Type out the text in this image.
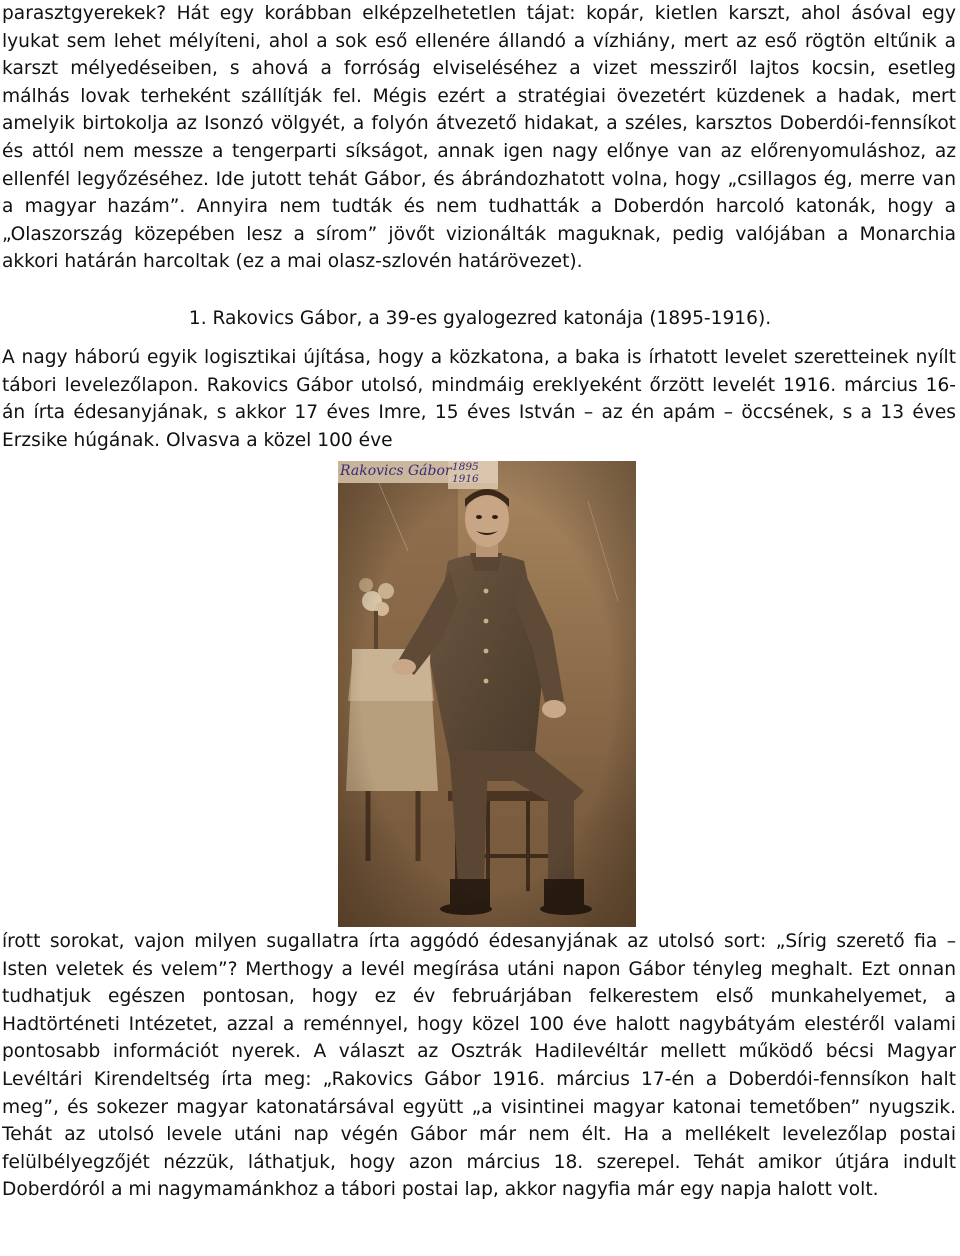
parasztgyerekek? Hát egy korábban elképzelhetetlen tájat: kopár, kietlen karszt, ahol ásóval egy lyukat sem lehet mélyíteni, ahol a sok eső ellenére állandó a vízhiány, mert az eső rögtön eltűnik a karszt mélyedéseiben, s ahová a forróság elviseléséhez a vizet messziről lajtos kocsin, esetleg málhás lovak terheként szállítják fel. Mégis ezért a stratégiai övezetért küzdenek a hadak, mert amelyik birtokolja az Isonzó völgyét, a folyón átvezető hidakat, a széles, karsztos Doberdói-fennsíkot és attól nem messze a tengerparti síkságot, annak igen nagy előnye van az előrenyomuláshoz, az ellenfél legyőzéséhez. Ide jutott tehát Gábor, és ábrándozhatott volna, hogy „csillagos ég, merre van a magyar hazám”. Annyira nem tudták és nem tudhatták a Doberdón harcoló katonák, hogy a „Olaszország közepében lesz a sírom” jövőt vizionálták maguknak, pedig valójában a Monarchia akkori határán harcoltak (ez a mai olasz-szlovén határövezet).

1. Rakovics Gábor, a 39-es gyalogezred katonája (1895-1916).

A nagy háború egyik logisztikai újítása, hogy a közkatona, a baka is írhatott levelet szeretteinek nyílt tábori levelezőlapon. Rakovics Gábor utolsó, mindmáig ereklyeként őrzött levelét 1916. március 16-án írta édesanyjának, s akkor 17 éves Imre, 15 éves István – az én apám – öccsének, s a 13 éves Erzsike húgának. Olvasva a közel 100 éve

Rakovics Gábor 1895
1916

írott sorokat, vajon milyen sugallatra írta aggódó édesanyjának az utolsó sort: „Sírig szerető fia – Isten veletek és velem”? Merthogy a levél megírása utáni napon Gábor tényleg meghalt. Ezt onnan tudhatjuk egészen pontosan, hogy ez év februárjában felkerestem első munkahelyemet, a Hadtörténeti Intézetet, azzal a reménnyel, hogy közel 100 éve halott nagybátyám elestéről valami pontosabb információt nyerek. A választ az Osztrák Hadilevéltár mellett működő bécsi Magyar Levéltári Kirendeltség írta meg: „Rakovics Gábor 1916. március 17-én a Doberdói-fennsíkon halt meg”, és sokezer magyar katonatársával együtt „a visintinei magyar katonai temetőben” nyugszik. Tehát az utolsó levele utáni nap végén Gábor már nem élt. Ha a mellékelt levelezőlap postai felülbélyegzőjét nézzük, láthatjuk, hogy azon március 18. szerepel. Tehát amikor útjára indult Doberdóról a mi nagymamánkhoz a tábori postai lap, akkor nagyfia már egy napja halott volt.
